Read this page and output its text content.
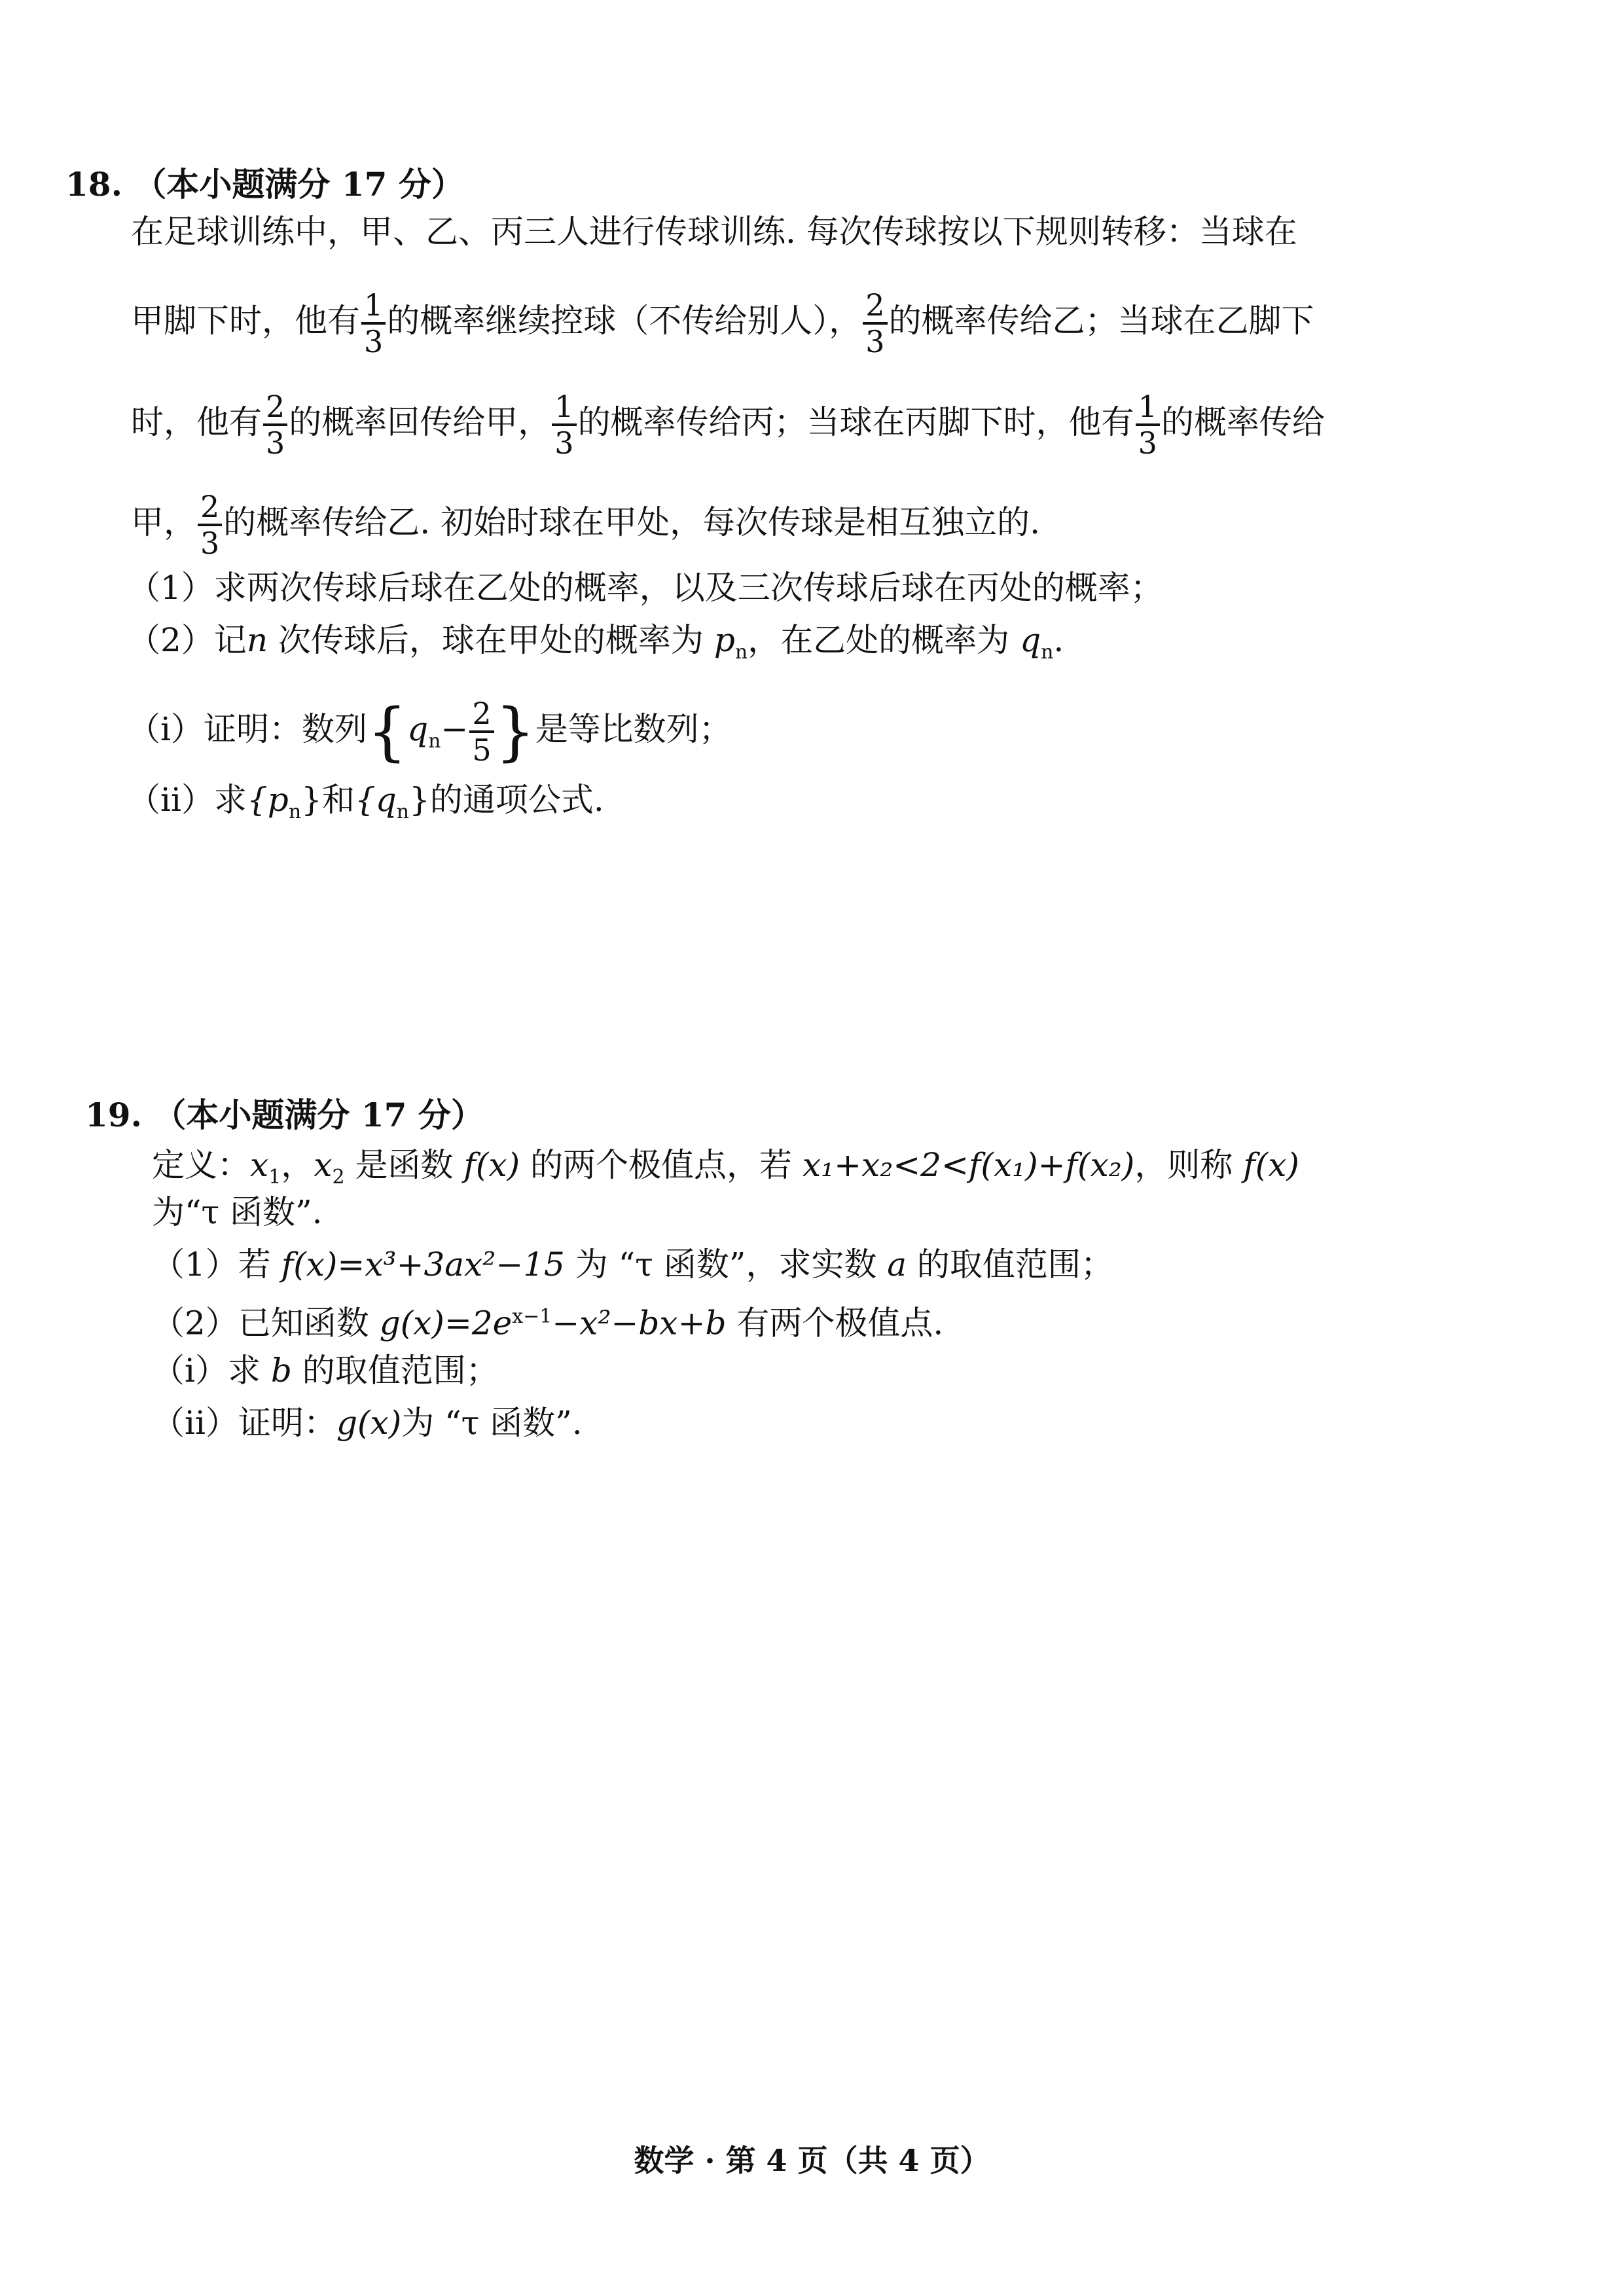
18. （本小题满分 17 分）
在足球训练中，甲、乙、丙三人进行传球训练. 每次传球按以下规则转移：当球在
甲脚下时，他有 $\frac{1}{3}$ 的概率继续控球（不传给别人）， $\frac{2}{3}$ 的概率传给乙；当球在乙脚下
时，他有 $\frac{2}{3}$ 的概率回传给甲， $\frac{1}{3}$ 的概率传给丙；当球在丙脚下时，他有 $\frac{1}{3}$ 的概率传给
甲， $\frac{2}{3}$ 的概率传给乙. 初始时球在甲处，每次传球是相互独立的.
（1）求两次传球后球在乙处的概率，以及三次传球后球在丙处的概率；
（2）记n 次传球后，球在甲处的概率为 $p_n$，在乙处的概率为 $q_n$.
（ⅰ）证明：数列{$q_n- \frac{2}{5}$ }是等比数列；
（ⅱ）求$\{p_n\}$和$\{q_n\}$的通项公式.
19. （本小题满分 17 分）
定义：$x_1$，$x_2$ 是函数 f(x) 的两个极值点，若 x₁+x₂<2<f(x₁)+f(x₂)，则称 f(x)
为“τ 函数”.
（1）若 f(x)=x³+3ax²−15 为 “τ 函数”，求实数 a 的取值范围；
（2）已知函数 $g(x)=2e^{x-1}-x^2-bx+b$ 有两个极值点.
（i）求 b 的取值范围；
（ii）证明：g(x)为 “τ 函数”.
数学 · 第 4 页（共 4 页）
